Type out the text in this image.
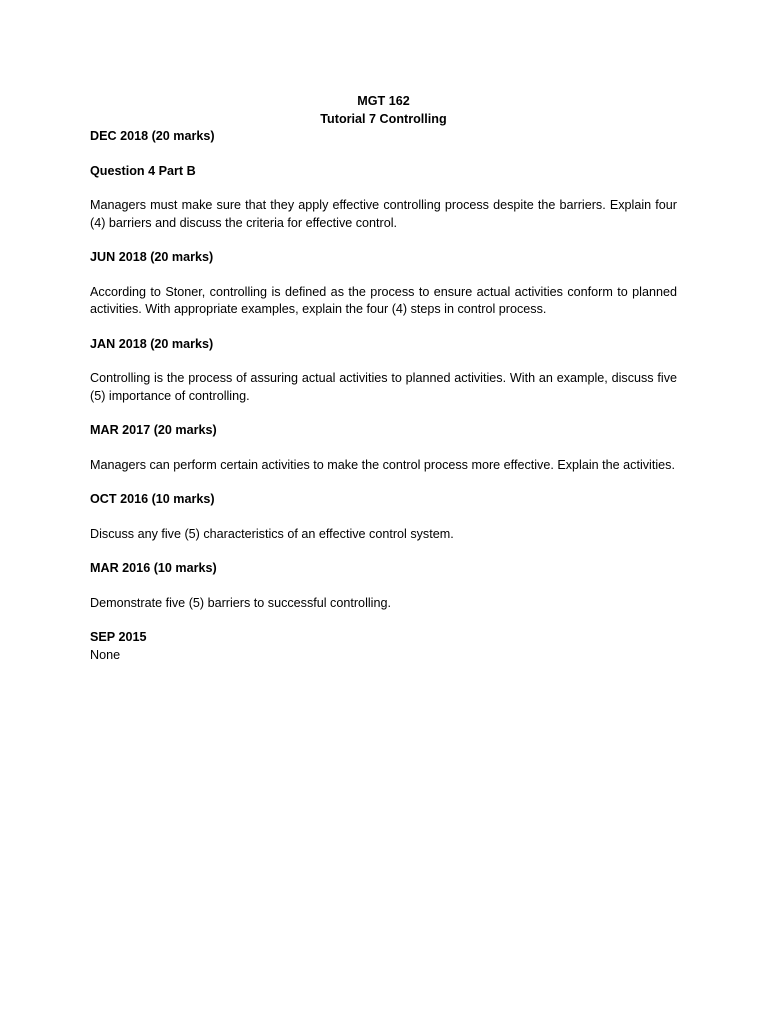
MGT 162
Tutorial 7 Controlling
DEC 2018 (20 marks)
Question 4 Part B
Managers must make sure that they apply effective controlling process despite the barriers. Explain four (4) barriers and discuss the criteria for effective control.
JUN 2018 (20 marks)
According to Stoner, controlling is defined as the process to ensure actual activities conform to planned activities. With appropriate examples, explain the four (4) steps in control process.
JAN 2018 (20 marks)
Controlling is the process of assuring actual activities to planned activities. With an example, discuss five (5) importance of controlling.
MAR 2017 (20 marks)
Managers can perform certain activities to make the control process more effective. Explain the activities.
OCT 2016 (10 marks)
Discuss any five (5) characteristics of an effective control system.
MAR 2016 (10 marks)
Demonstrate five (5) barriers to successful controlling.
SEP 2015
None
